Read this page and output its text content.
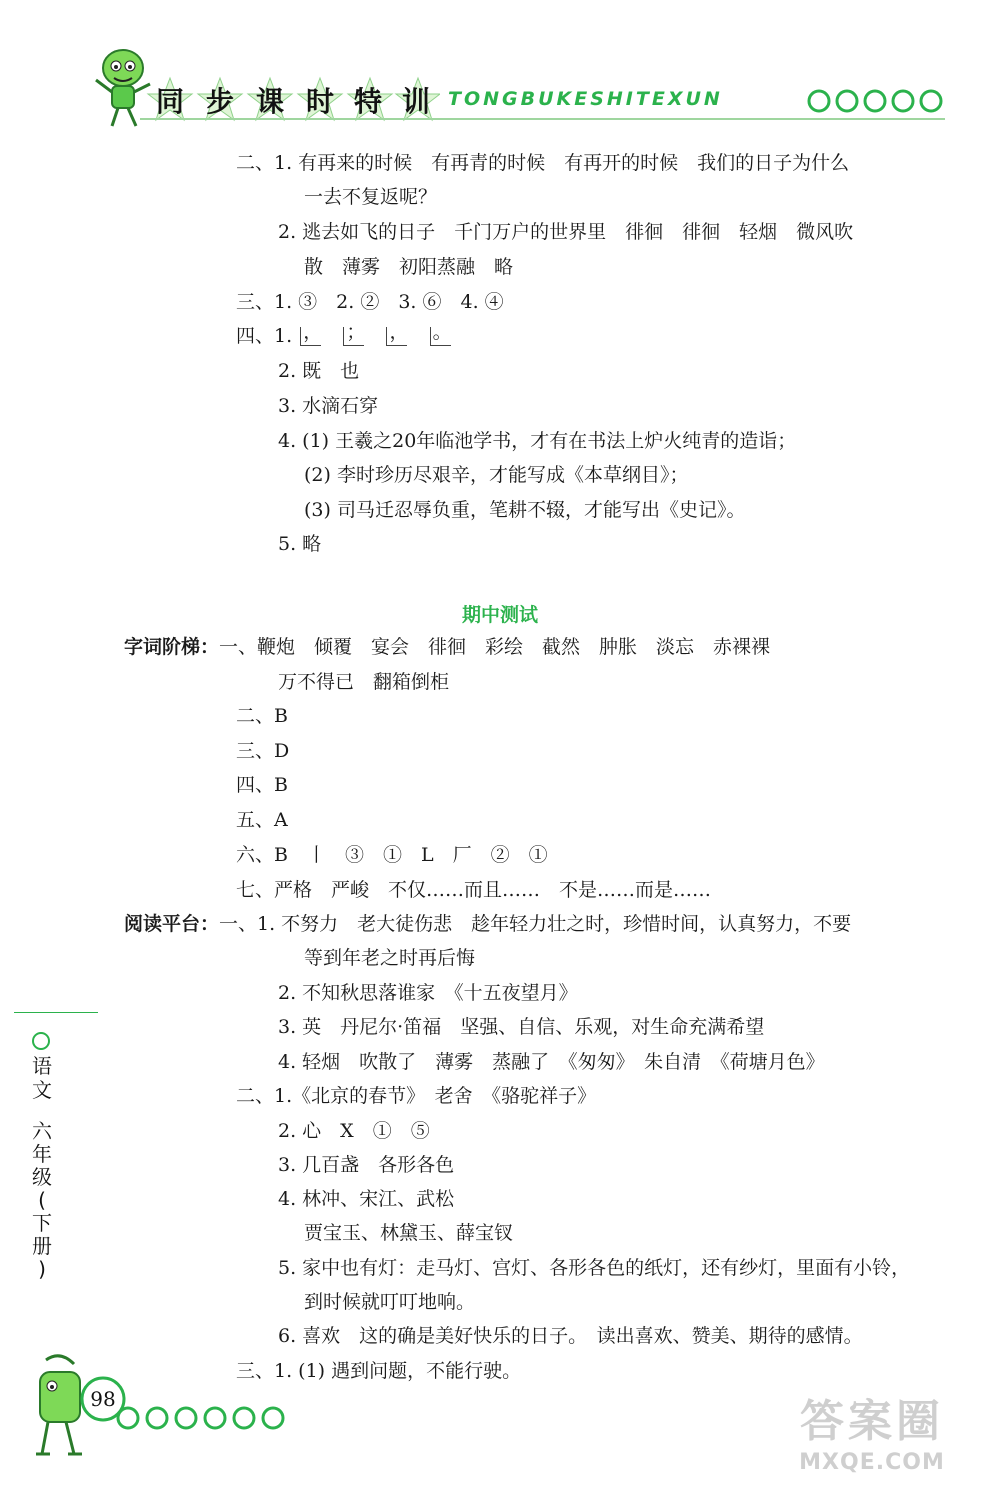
同 步 课 时 特 训 TONGBUKESHITEXUN
二、1. 有再来的时候　有再青的时候　有再开的时候　我们的日子为什么
一去不复返呢？
2. 逃去如飞的日子　千门万户的世界里　徘徊　徘徊　轻烟　微风吹
散　薄雾　初阳蒸融　略
三、1. ③　2. ②　3. ⑥　4. ④
2. 既　也
3. 水滴石穿
4. (1) 王羲之20年临池学书，才有在书法上炉火纯青的造诣；
(2) 李时珍历尽艰辛，才能写成《本草纲目》；
(3) 司马迁忍辱负重，笔耕不辍，才能写出《史记》。
5. 略
万不得已　翻箱倒柜
二、B
三、D
四、B
五、A
六、B　丨　③　①　L　厂　②　①
七、严格　严峻　不仅……而且……　不是……而是……
等到年老之时再后悔
2. 不知秋思落谁家　《十五夜望月》
3. 英　丹尼尔·笛福　坚强、自信、乐观，对生命充满希望
4. 轻烟　吹散了　薄雾　蒸融了　《匆匆》　朱自清　《荷塘月色》
二、1.《北京的春节》　老舍　《骆驼祥子》
2. 心　X　①　⑤
3. 几百盏　各形各色
4. 林冲、宋江、武松
贾宝玉、林黛玉、薛宝钗
5. 家中也有灯：走马灯、宫灯、各形各色的纸灯，还有纱灯，里面有小铃，
到时候就叮叮地响。
6. 喜欢　这的确是美好快乐的日子。　读出喜欢、赞美、期待的感情。
三、1. (1) 遇到问题，不能行驶。
字词阶梯：一、鞭炮　倾覆　宴会　徘徊　彩绘　截然　肿胀　淡忘　赤裸裸
阅读平台：一、1. 不努力　老大徒伤悲　趁年轻力壮之时，珍惜时间，认真努力，不要
四、1. ，
；
，
。
期中测试
语文
六
年
级
(
下
册
)
98	答案圈
MXQE.COM
